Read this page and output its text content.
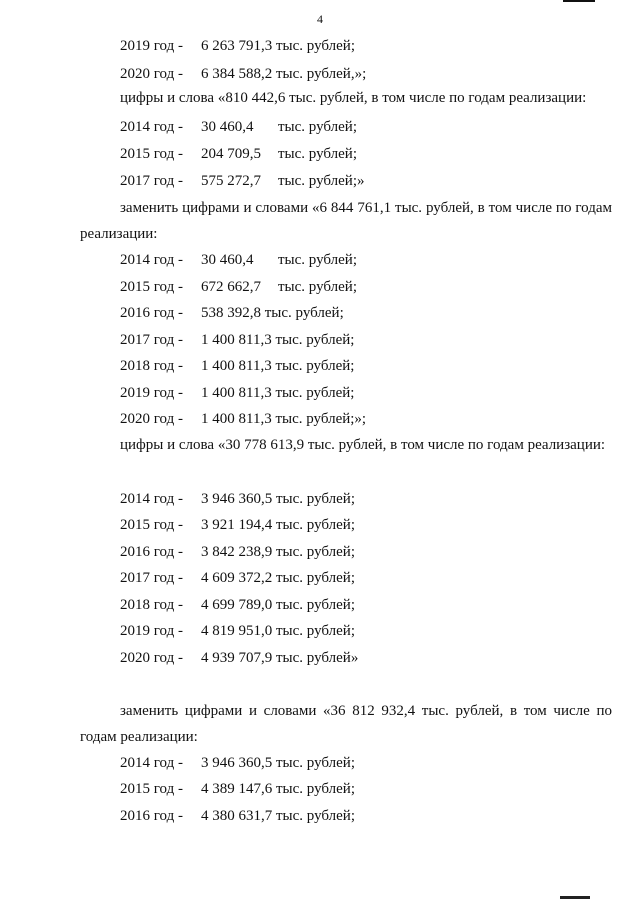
4
2019 год - 6 263 791,3 тыс. рублей;
2020 год - 6 384 588,2 тыс. рублей,»;
цифры и слова «810 442,6 тыс. рублей, в том числе по годам реализации:
2014 год - 30 460,4 тыс. рублей;
2015 год - 204 709,5 тыс. рублей;
2017 год - 575 272,7 тыс. рублей;»
заменить цифрами и словами «6 844 761,1 тыс. рублей, в том числе по годам реализации:
2014 год - 30 460,4 тыс. рублей;
2015 год - 672 662,7 тыс. рублей;
2016 год - 538 392,8 тыс. рублей;
2017 год - 1 400 811,3 тыс. рублей;
2018 год - 1 400 811,3 тыс. рублей;
2019 год - 1 400 811,3 тыс. рублей;
2020 год - 1 400 811,3 тыс. рублей;»;
цифры и слова «30 778 613,9 тыс. рублей, в том числе по годам реализации:
2014 год - 3 946 360,5 тыс. рублей;
2015 год - 3 921 194,4 тыс. рублей;
2016 год - 3 842 238,9 тыс. рублей;
2017 год - 4 609 372,2 тыс. рублей;
2018 год - 4 699 789,0 тыс. рублей;
2019 год - 4 819 951,0 тыс. рублей;
2020 год - 4 939 707,9 тыс. рублей»
заменить цифрами и словами «36 812 932,4 тыс. рублей, в том числе по годам реализации:
2014 год - 3 946 360,5 тыс. рублей;
2015 год - 4 389 147,6 тыс. рублей;
2016 год - 4 380 631,7 тыс. рублей;
